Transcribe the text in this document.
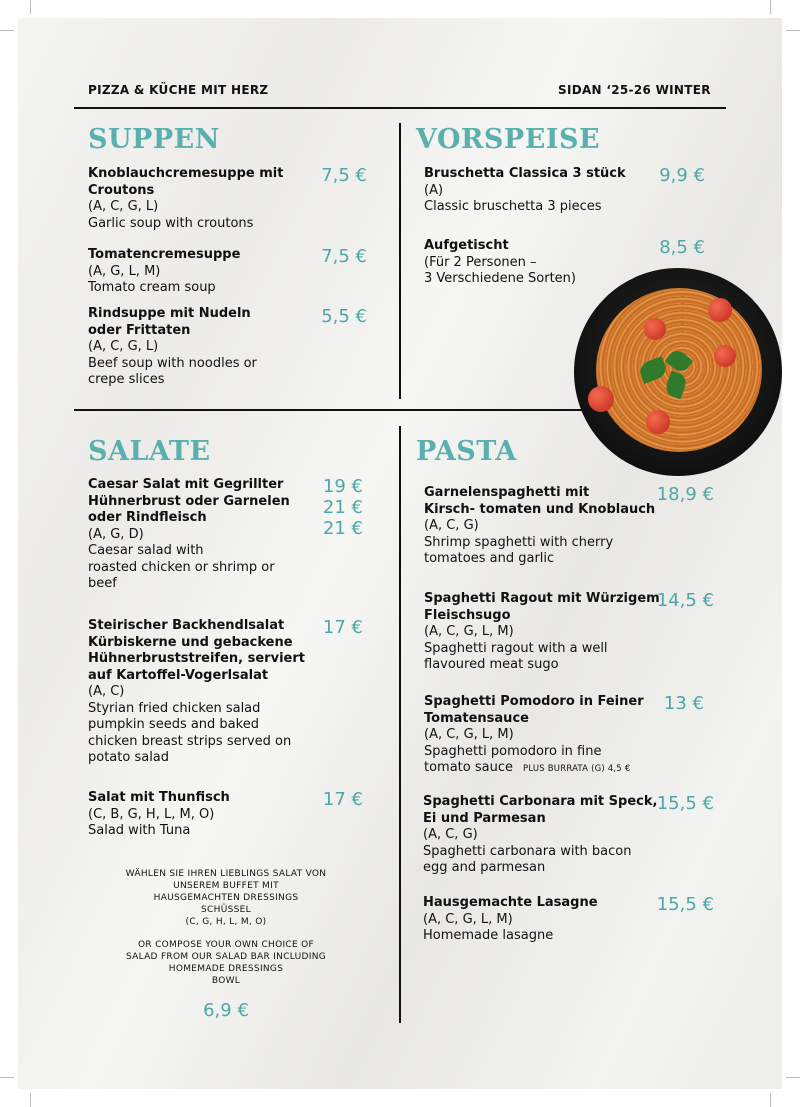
PIZZA & KÜCHE MIT HERZ	SIDAN ‘25-26 WINTER
SUPPEN
Knoblauchcremesuppe mit
Croutons
(A, C, G, L)
Garlic soup with croutons
7,5 €
Tomatencremesuppe
(A, G, L, M)
Tomato cream soup
7,5 €
Rindsuppe mit Nudeln
oder Frittaten
(A, C, G, L)
Beef soup with noodles or
crepe slices
5,5 €
VORSPEISE
Bruschetta Classica 3 stück
(A)
Classic bruschetta 3 pieces
9,9 €
Aufgetischt
(Für 2 Personen –
3 Verschiedene Sorten)
8,5 €
SALATE
Caesar Salat mit Gegrillter
Hühnerbrust oder Garnelen
oder Rindfleisch
(A, G, D)
Caesar salad with
roasted chicken or shrimp or
beef
19 €
21 €
21 €
Steirischer Backhendlsalat
Kürbiskerne und gebackene
Hühnerbruststreifen, serviert
auf Kartoffel-Vogerlsalat
(A, C)
Styrian fried chicken salad
pumpkin seeds and baked
chicken breast strips served on
potato salad
17 €
Salat mit Thunfisch
(C, B, G, H, L, M, O)
Salad with Tuna
17 €
WÄHLEN SIE IHREN LIEBLINGS SALAT VON
UNSEREM BUFFET MIT
HAUSGEMACHTEN DRESSINGS
SCHÜSSEL
(C, G, H, L, M, O)
OR COMPOSE YOUR OWN CHOICE OF
SALAD FROM OUR SALAD BAR INCLUDING
HOMEMADE DRESSINGS
BOWL
6,9 €
PASTA
Garnelenspaghetti mit
Kirsch- tomaten und Knoblauch
(A, C, G)
Shrimp spaghetti with cherry
tomatoes and garlic
18,9 €
Spaghetti Ragout mit Würzigem
Fleischsugo
(A, C, G, L, M)
Spaghetti ragout with a well
flavoured meat sugo
14,5 €
Spaghetti Pomodoro in Feiner
Tomatensauce
(A, C, G, L, M)
Spaghetti pomodoro in fine
tomato sauce PLUS BURRATA (G) 4,5 €
13 €
Spaghetti Carbonara mit Speck,
Ei und Parmesan
(A, C, G)
Spaghetti carbonara with bacon
egg and parmesan
15,5 €
Hausgemachte Lasagne
(A, C, G, L, M)
Homemade lasagne
15,5 €
